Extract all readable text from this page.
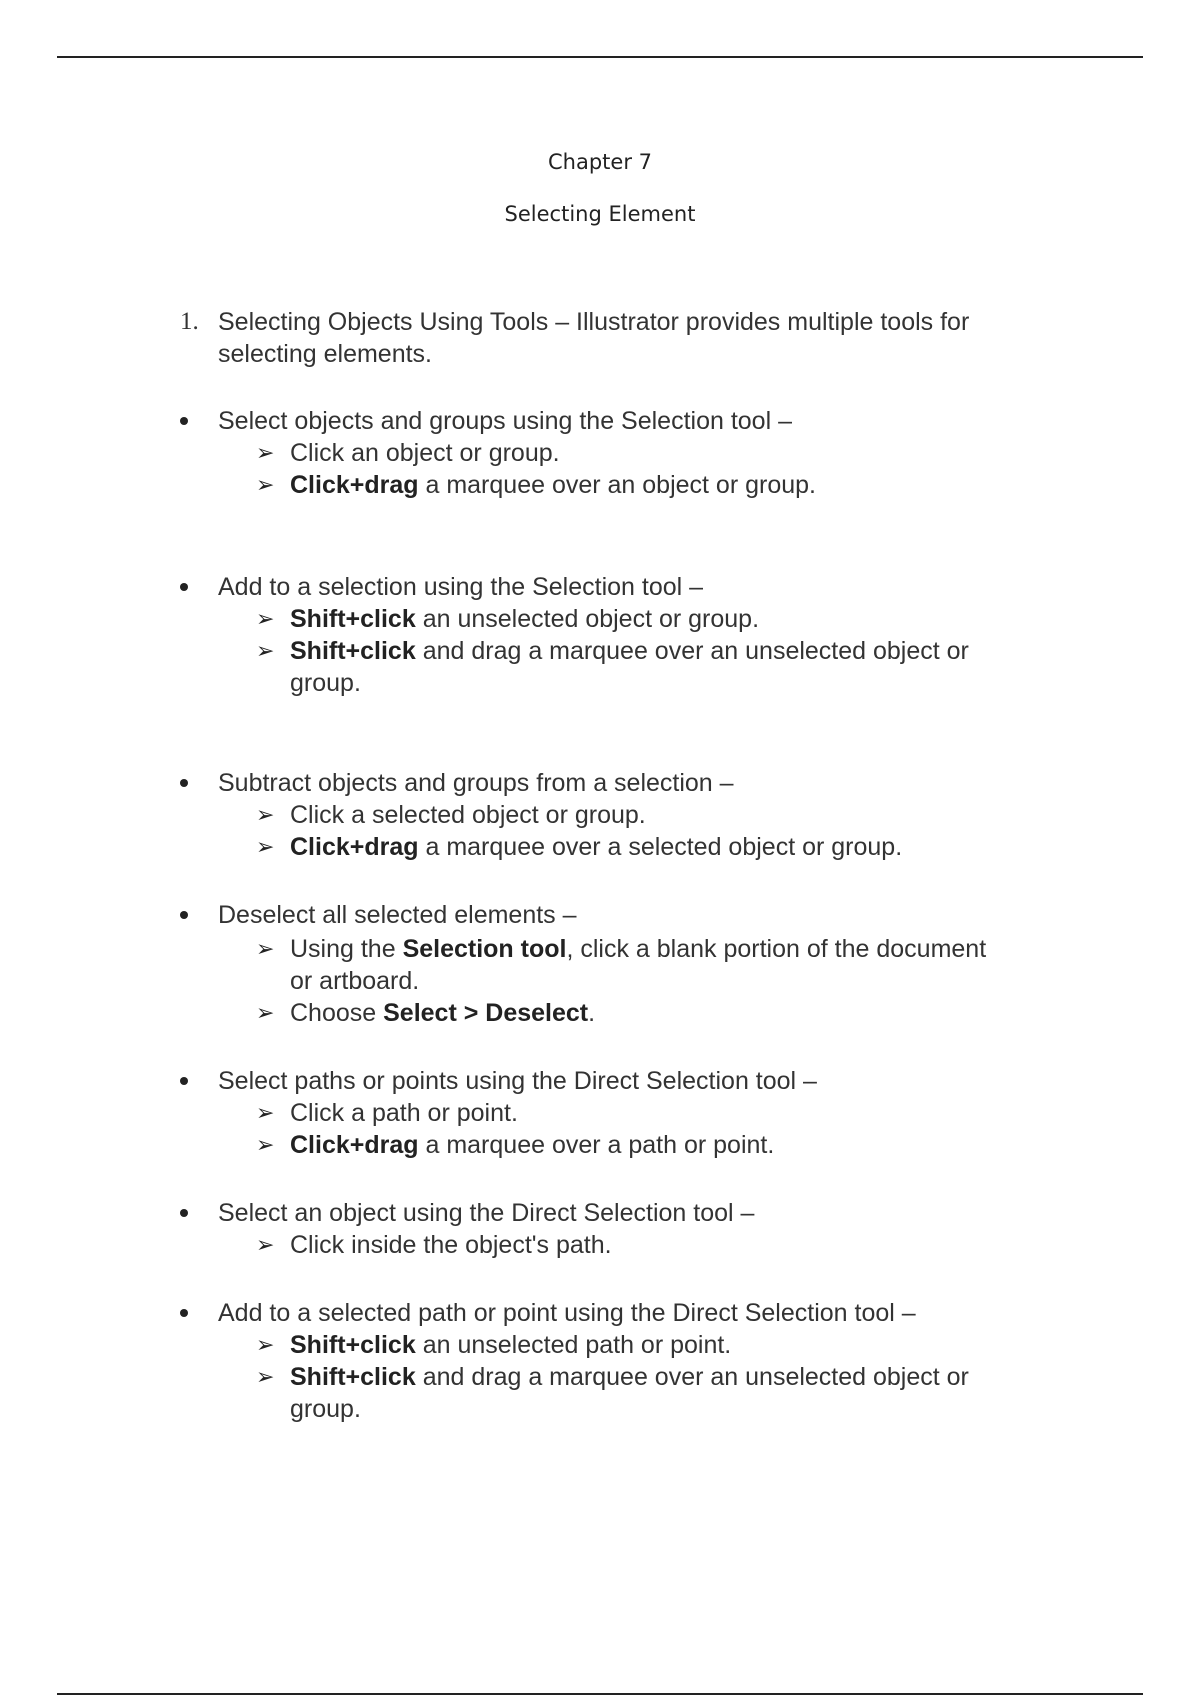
Chapter 7
Selecting Element
1. Selecting Objects Using Tools – Illustrator provides multiple tools for
selecting elements.
Select objects and groups using the Selection tool –
➢ Click an object or group.
➢ Click+drag a marquee over an object or group.
Add to a selection using the Selection tool –
➢ Shift+click an unselected object or group.
➢ Shift+click and drag a marquee over an unselected object or
group.
Subtract objects and groups from a selection –
➢ Click a selected object or group.
➢ Click+drag a marquee over a selected object or group.
Deselect all selected elements –
➢ Using the Selection tool, click a blank portion of the document
or artboard.
➢ Choose Select > Deselect.
Select paths or points using the Direct Selection tool –
➢ Click a path or point.
➢ Click+drag a marquee over a path or point.
Select an object using the Direct Selection tool –
➢ Click inside the object's path.
Add to a selected path or point using the Direct Selection tool –
➢ Shift+click an unselected path or point.
➢ Shift+click and drag a marquee over an unselected object or
group.
